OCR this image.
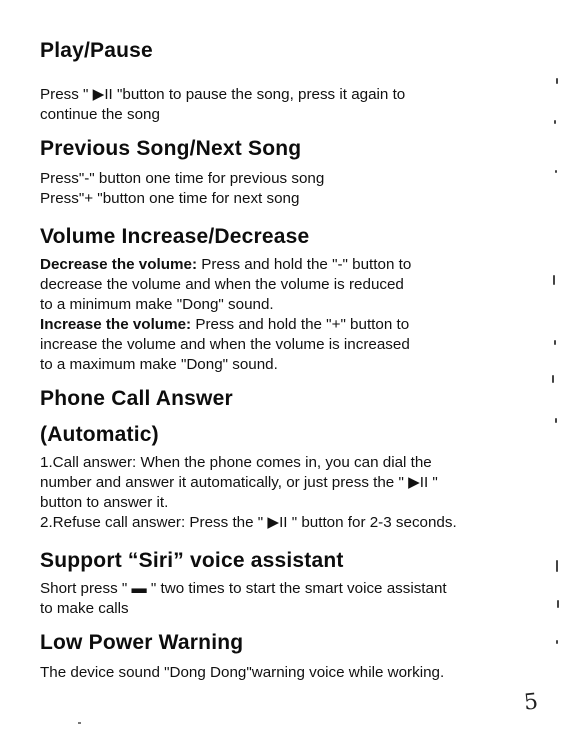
Play/Pause

Press " ▶II "button to pause the song, press it again to

continue the song

Previous Song/Next Song

Press"-" button one time for previous song

Press"+ "button one time for next song

Volume Increase/Decrease

Decrease the volume: Press and hold the "-" button to

decrease the volume and when the volume is reduced

to a minimum make "Dong" sound.

Increase the volume: Press and hold the "+" button to

increase the volume and when the volume is increased

to a maximum make "Dong" sound.

Phone Call Answer
(Automatic)

1.Call answer: When the phone comes in, you can dial the

number and answer it automatically, or just press the " ▶II "

button to answer it.

2.Refuse call answer: Press the " ▶II " button for 2-3 seconds.

Support “Siri” voice assistant

Short press " ▬ " two times to start the smart voice assistant

to make calls

Low Power Warning

The device sound "Dong Dong"warning voice while working.

5
